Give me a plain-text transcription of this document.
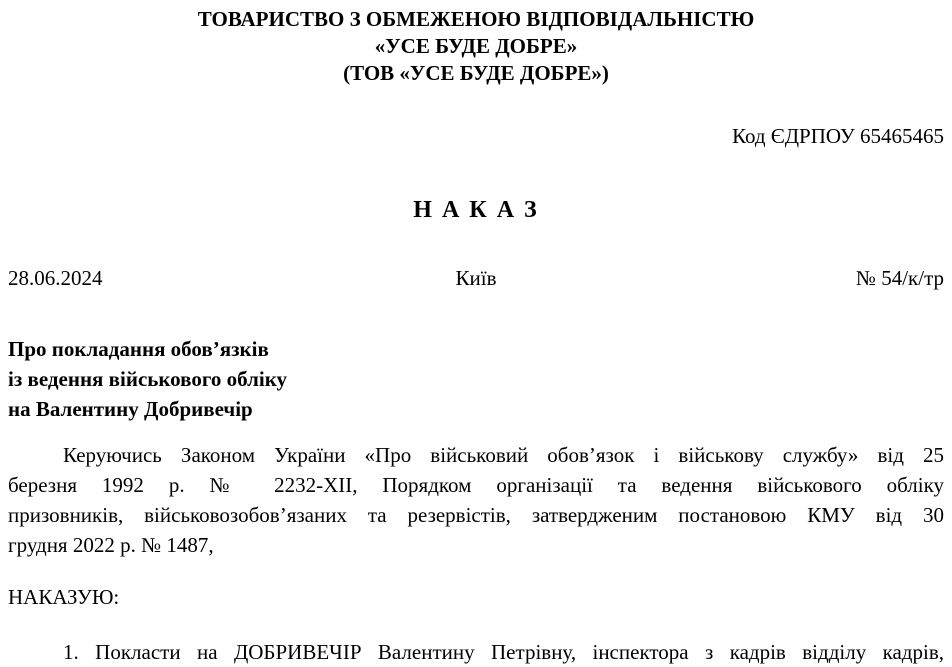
ТОВАРИСТВО З ОБМЕЖЕНОЮ ВІДПОВІДАЛЬНІСТЮ
«УСЕ БУДЕ ДОБРЕ»
(ТОВ «УСЕ БУДЕ ДОБРЕ»)
Код ЄДРПОУ 65465465
Н А К А З
28.06.2024	Київ	№ 54/к/тр
Про покладання обов’язків
із ведення військового обліку
на Валентину Добривечір
Керуючись Законом України «Про військовий обов’язок і військову службу» від 25
березня 1992 р. № 2232-XII, Порядком організації та ведення військового обліку
призовників, військовозобов’язаних та резервістів, затвердженим постановою КМУ від 30
грудня 2022 р. № 1487,
НАКАЗУЮ:
1. Покласти на ДОБРИВЕЧІР Валентину Петрівну, інспектора з кадрів відділу кадрів,
